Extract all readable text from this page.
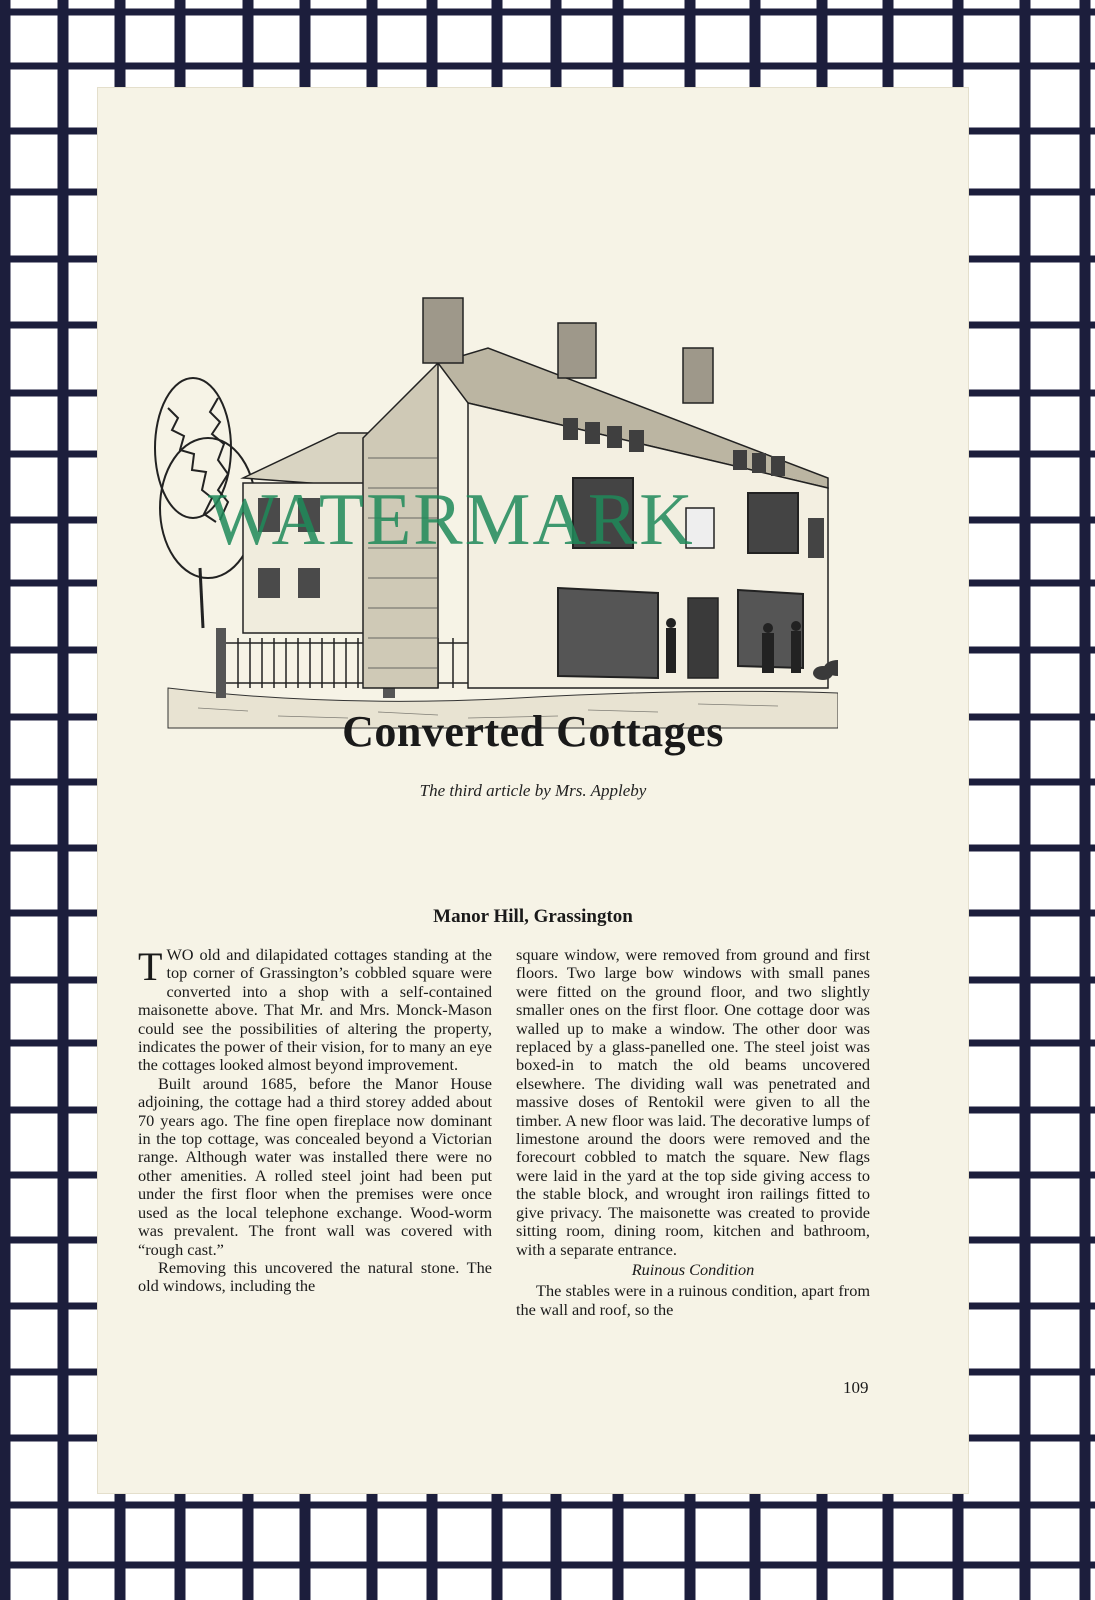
WATERMARK
Converted Cottages
The third article by Mrs. Appleby
Manor Hill, Grassington

TWO old and dilapidated cottages standing at the top corner of Grassington’s cobbled square were converted into a shop with a self-contained maisonette above. That Mr. and Mrs. Monck-Mason could see the possibilities of altering the property, indicates the power of their vision, for to many an eye the cottages looked almost beyond improvement.

Built around 1685, before the Manor House adjoining, the cottage had a third storey added about 70 years ago. The fine open fireplace now dominant in the top cottage, was concealed beyond a Victorian range. Although water was installed there were no other amenities. A rolled steel joint had been put under the first floor when the premises were once used as the local telephone exchange. Wood-worm was prevalent. The front wall was covered with “rough cast.”

Removing this uncovered the natural stone. The old windows, including the

square window, were removed from ground and first floors. Two large bow windows with small panes were fitted on the ground floor, and two slightly smaller ones on the first floor. One cottage door was walled up to make a window. The other door was replaced by a glass-panelled one. The steel joist was boxed-in to match the old beams uncovered elsewhere. The dividing wall was penetrated and massive doses of Rentokil were given to all the timber. A new floor was laid. The decorative lumps of limestone around the doors were removed and the forecourt cobbled to match the square. New flags were laid in the yard at the top side giving access to the stable block, and wrought iron railings fitted to give privacy. The maisonette was created to provide sitting room, dining room, kitchen and bathroom, with a separate entrance.

Ruinous Condition

The stables were in a ruinous condition, apart from the wall and roof, so the

109
